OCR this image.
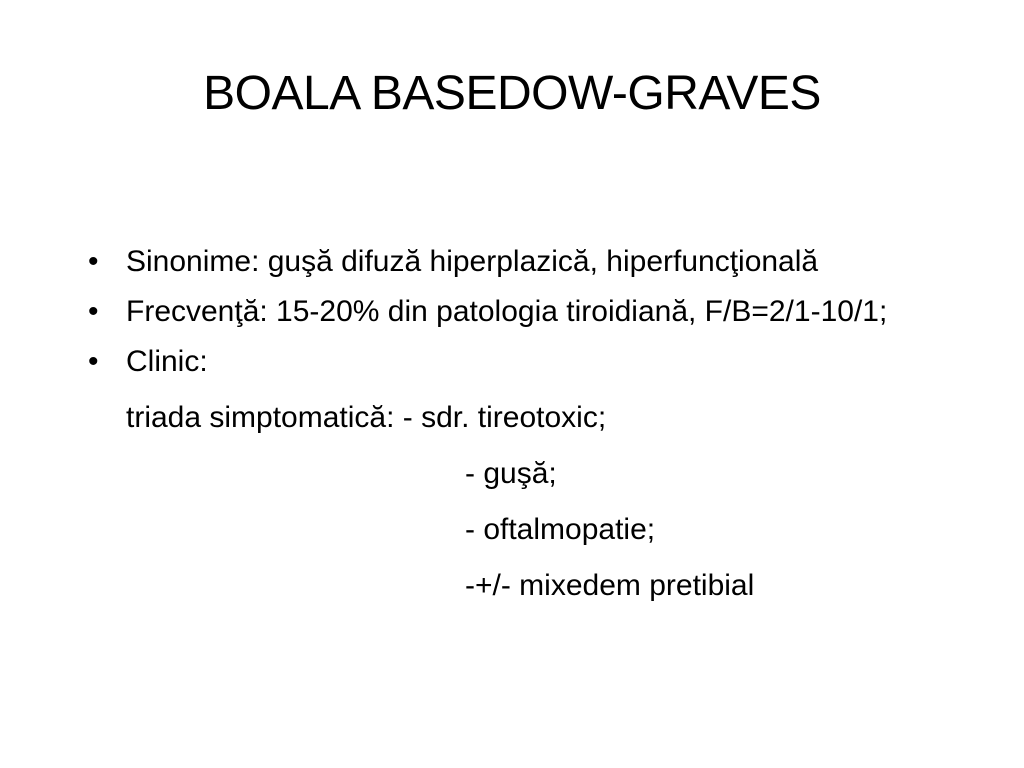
BOALA BASEDOW-GRAVES
• Sinonime: guşă difuză hiperplazică, hiperfuncţională
• Frecvenţă: 15-20% din patologia tiroidiană, F/B=2/1-10/1;
• Clinic:
triada simptomatică: - sdr. tireotoxic;
- guşă;
- oftalmopatie;
-+/- mixedem pretibial
